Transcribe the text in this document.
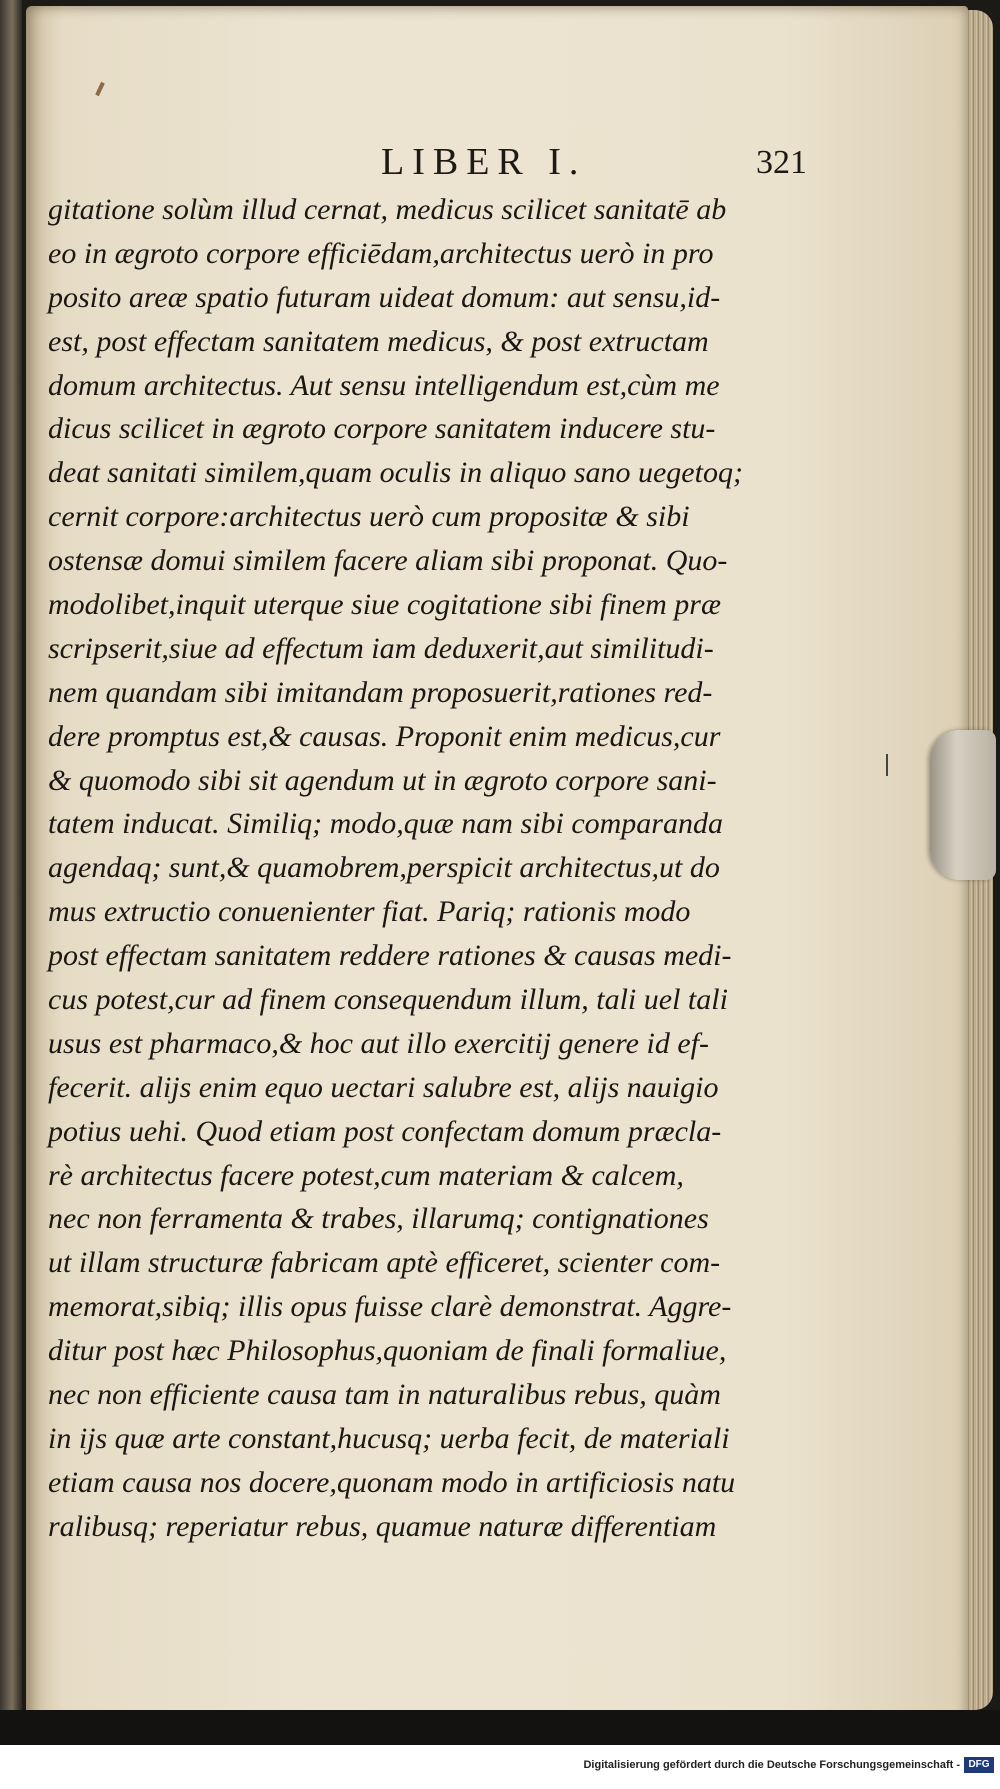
LIBER I.	321
gitatione solùm illud cernat, medicus scilicet sanitatē ab
eo in ægroto corpore efficiēdam,architectus uerò in pro
posito areæ spatio futuram uideat domum: aut sensu,id-
est, post effectam sanitatem medicus, & post extructam
domum architectus. Aut sensu intelligendum est,cùm me
dicus scilicet in ægroto corpore sanitatem inducere stu-
deat sanitati similem,quam oculis in aliquo sano uegetoq;
cernit corpore:architectus uerò cum propositæ & sibi
ostensæ domui similem facere aliam sibi proponat. Quo-
modolibet,inquit uterque siue cogitatione sibi finem præ
scripserit,siue ad effectum iam deduxerit,aut similitudi-
nem quandam sibi imitandam proposuerit,rationes red-
dere promptus est,& causas. Proponit enim medicus,cur
& quomodo sibi sit agendum ut in ægroto corpore sani-
tatem inducat. Similiq; modo,quæ nam sibi comparanda
agendaq; sunt,& quamobrem,perspicit architectus,ut do
mus extructio conuenienter fiat. Pariq; rationis modo
post effectam sanitatem reddere rationes & causas medi-
cus potest,cur ad finem consequendum illum, tali uel tali
usus est pharmaco,& hoc aut illo exercitij genere id ef-
fecerit. alijs enim equo uectari salubre est, alijs nauigio
potius uehi. Quod etiam post confectam domum præcla-
rè architectus facere potest,cum materiam & calcem,
nec non ferramenta & trabes, illarumq; contignationes
ut illam structuræ fabricam aptè efficeret, scienter com-
memorat,sibiq; illis opus fuisse clarè demonstrat. Aggre-
ditur post hæc Philosophus,quoniam de finali formaliue,
nec non efficiente causa tam in naturalibus rebus, quàm
in ijs quæ arte constant,hucusq; uerba fecit, de materiali
etiam causa nos docere,quonam modo in artificiosis natu
ralibusq; reperiatur rebus, quamue naturæ differentiam
Digitalisierung gefördert durch die Deutsche Forschungsgemeinschaft - DFG
